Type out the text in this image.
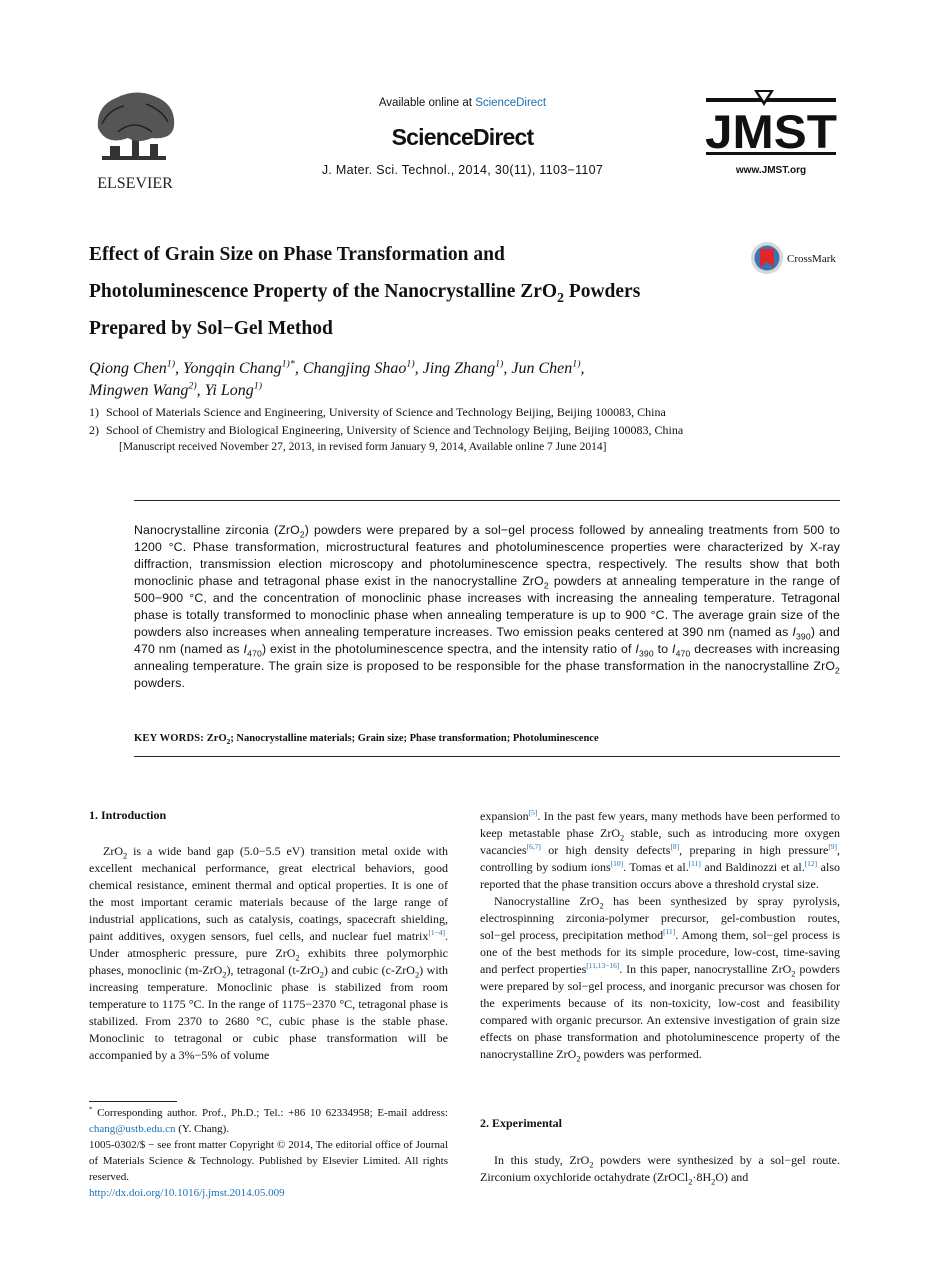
ELSEVIER
Available online at ScienceDirect
ScienceDirect
J. Mater. Sci. Technol., 2014, 30(11), 1103−1107
JMST
www.JMST.org
Effect of Grain Size on Phase Transformation and
Photoluminescence Property of the Nanocrystalline ZrO$_2$ Powders
Prepared by Sol−Gel Method
CrossMark
Qiong Chen$^{1)}$, Yongqin Chang$^{1)*}$, Changjing Shao$^{1)}$, Jing Zhang$^{1)}$, Jun Chen$^{1)}$,
Mingwen Wang$^{2)}$, Yi Long$^{1)}$
1) School of Materials Science and Engineering, University of Science and Technology Beijing, Beijing 100083, China
2) School of Chemistry and Biological Engineering, University of Science and Technology Beijing, Beijing 100083, China
[Manuscript received November 27, 2013, in revised form January 9, 2014, Available online 7 June 2014]
Nanocrystalline zirconia (ZrO$_2$) powders were prepared by a sol−gel process followed by annealing treatments from 500 to 1200 °C. Phase transformation, microstructural features and photoluminescence properties were characterized by X-ray diffraction, transmission election microscopy and photoluminescence spectra, respectively. The results show that both monoclinic phase and tetragonal phase exist in the nanocrystalline ZrO$_2$ powders at annealing temperature in the range of 500−900 °C, and the concentration of monoclinic phase increases with increasing the annealing temperature. Tetragonal phase is totally transformed to monoclinic phase when annealing temperature is up to 900 °C. The average grain size of the powders also increases when annealing temperature increases. Two emission peaks centered at 390 nm (named as $I_{390}$) and 470 nm (named as $I_{470}$) exist in the photoluminescence spectra, and the intensity ratio of $I_{390}$ to $I_{470}$ decreases with increasing annealing temperature. The grain size is proposed to be responsible for the phase transformation in the nanocrystalline ZrO$_2$ powders.
KEY WORDS: ZrO$_2$; Nanocrystalline materials; Grain size; Phase transformation; Photoluminescence
1. Introduction

ZrO$_2$ is a wide band gap (5.0−5.5 eV) transition metal oxide with excellent mechanical performance, great electrical behaviors, good chemical resistance, eminent thermal and optical properties. It is one of the most important ceramic materials because of the large range of industrial applications, such as catalysis, coatings, spacecraft shielding, paint additives, oxygen sensors, fuel cells, and nuclear fuel matrix[1−4]. Under atmospheric pressure, pure ZrO$_2$ exhibits three polymorphic phases, monoclinic (m-ZrO$_2$), tetragonal (t-ZrO$_2$) and cubic (c-ZrO$_2$) with increasing temperature. Monoclinic phase is stabilized from room temperature to 1175 °C. In the range of 1175−2370 °C, tetragonal phase is stabilized. From 2370 to 2680 °C, cubic phase is the stable phase. Monoclinic to tetragonal or cubic phase transformation will be accompanied by a 3%−5% of volume

* Corresponding author. Prof., Ph.D.; Tel.: +86 10 62334958; E-mail address: chang@ustb.edu.cn (Y. Chang).

1005-0302/$ − see front matter Copyright © 2014, The editorial office of Journal of Materials Science & Technology. Published by Elsevier Limited. All rights reserved.

http://dx.doi.org/10.1016/j.jmst.2014.05.009

expansion[5]. In the past few years, many methods have been performed to keep metastable phase ZrO$_2$ stable, such as introducing more oxygen vacancies[6,7] or high density defects[8], preparing in high pressure[9], controlling by sodium ions[10]. Tomas et al.[11] and Baldinozzi et al.[12] also reported that the phase transition occurs above a threshold crystal size.

Nanocrystalline ZrO$_2$ has been synthesized by spray pyrolysis, electrospinning zirconia-polymer precursor, gel-combustion routes, sol−gel process, precipitation method[11]. Among them, sol−gel process is one of the best methods for its simple procedure, low-cost, time-saving and perfect properties[11,13−16]. In this paper, nanocrystalline ZrO$_2$ powders were prepared by sol−gel process, and inorganic precursor was chosen for the experiments because of its non-toxicity, low-cost and feasibility compared with organic precursor. An extensive investigation of grain size effects on phase transformation and photoluminescence property of the nanocrystalline ZrO$_2$ powders was performed.

2. Experimental

In this study, ZrO$_2$ powders were synthesized by a sol−gel route. Zirconium oxychloride octahydrate $(ZrOCl_2\cdot 8H_2O)$ and
